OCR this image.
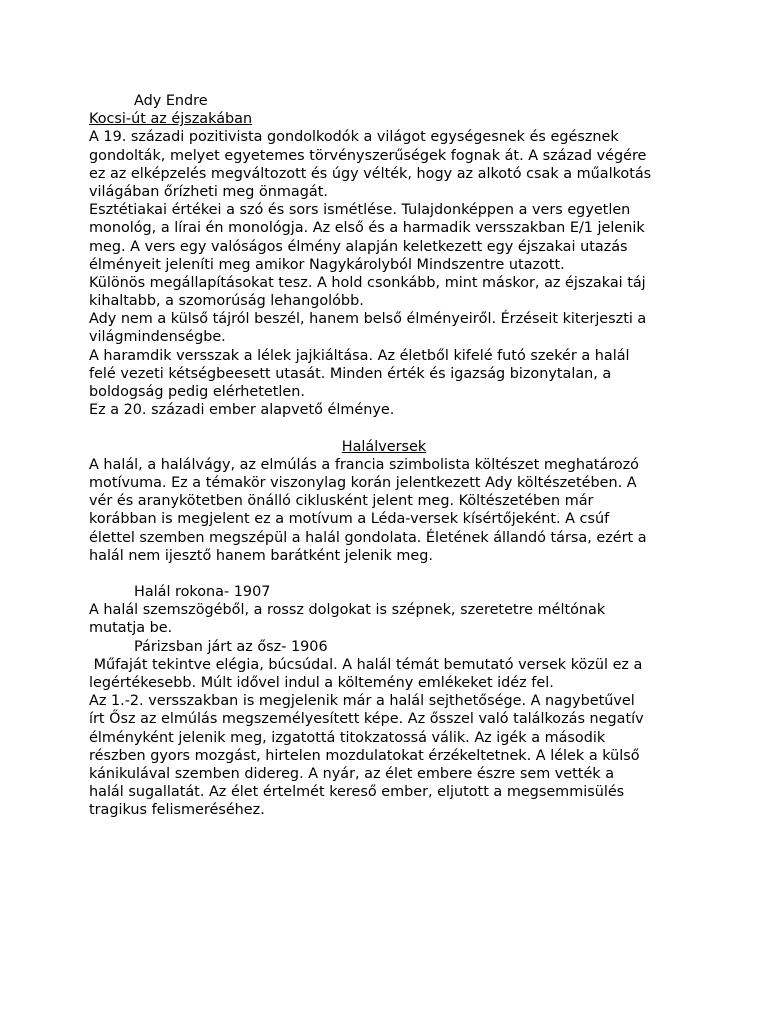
Ady Endre
Kocsi-út az éjszakában
A 19. századi pozitivista gondolkodók a világot egységesnek és egésznek
gondolták, melyet egyetemes törvényszerűségek fognak át. A század végére
ez az elképzelés megváltozott és úgy vélték, hogy az alkotó csak a műalkotás
világában őrízheti meg önmagát.
Esztétiakai értékei a szó és sors ismétlése. Tulajdonképpen a vers egyetlen
monológ, a lírai én monológja. Az első és a harmadik versszakban E/1 jelenik
meg. A vers egy valóságos élmény alapján keletkezett egy éjszakai utazás
élményeit jeleníti meg amikor Nagykárolyból Mindszentre utazott.
Különös megállapításokat tesz. A hold csonkább, mint máskor, az éjszakai táj
kihaltabb, a szomorúság lehangolóbb.
Ady nem a külső tájról beszél, hanem belső élményeiről. Érzéseit kiterjeszti a
világmindenségbe.
A haramdik versszak a lélek jajkiáltása. Az életből kifelé futó szekér a halál
felé vezeti kétségbeesett utasát. Minden érték és igazság bizonytalan, a
boldogság pedig elérhetetlen.
Ez a 20. századi ember alapvető élménye.
Halálversek
A halál, a halálvágy, az elmúlás a francia szimbolista költészet meghatározó
motívuma. Ez a témakör viszonylag korán jelentkezett Ady költészetében. A
vér és aranykötetben önálló ciklusként jelent meg. Költészetében már
korábban is megjelent ez a motívum a Léda-versek kísértőjeként. A csúf
élettel szemben megszépül a halál gondolata. Életének állandó társa, ezért a
halál nem ijesztő hanem barátként jelenik meg.
Halál rokona- 1907
A halál szemszögéből, a rossz dolgokat is szépnek, szeretetre méltónak
mutatja be.
Párizsban járt az ősz- 1906
Műfaját tekintve elégia, búcsúdal. A halál témát bemutató versek közül ez a
legértékesebb. Múlt idővel indul a költemény emlékeket idéz fel.
Az 1.-2. versszakban is megjelenik már a halál sejthetősége. A nagybetűvel
írt Ősz az elmúlás megszemélyesített képe. Az ősszel való találkozás negatív
élményként jelenik meg, izgatottá titokzatossá válik. Az igék a második
részben gyors mozgást, hirtelen mozdulatokat érzékeltetnek. A lélek a külső
kánikulával szemben didereg. A nyár, az élet embere észre sem vették a
halál sugallatát. Az élet értelmét kereső ember, eljutott a megsemmisülés
tragikus felismeréséhez.
